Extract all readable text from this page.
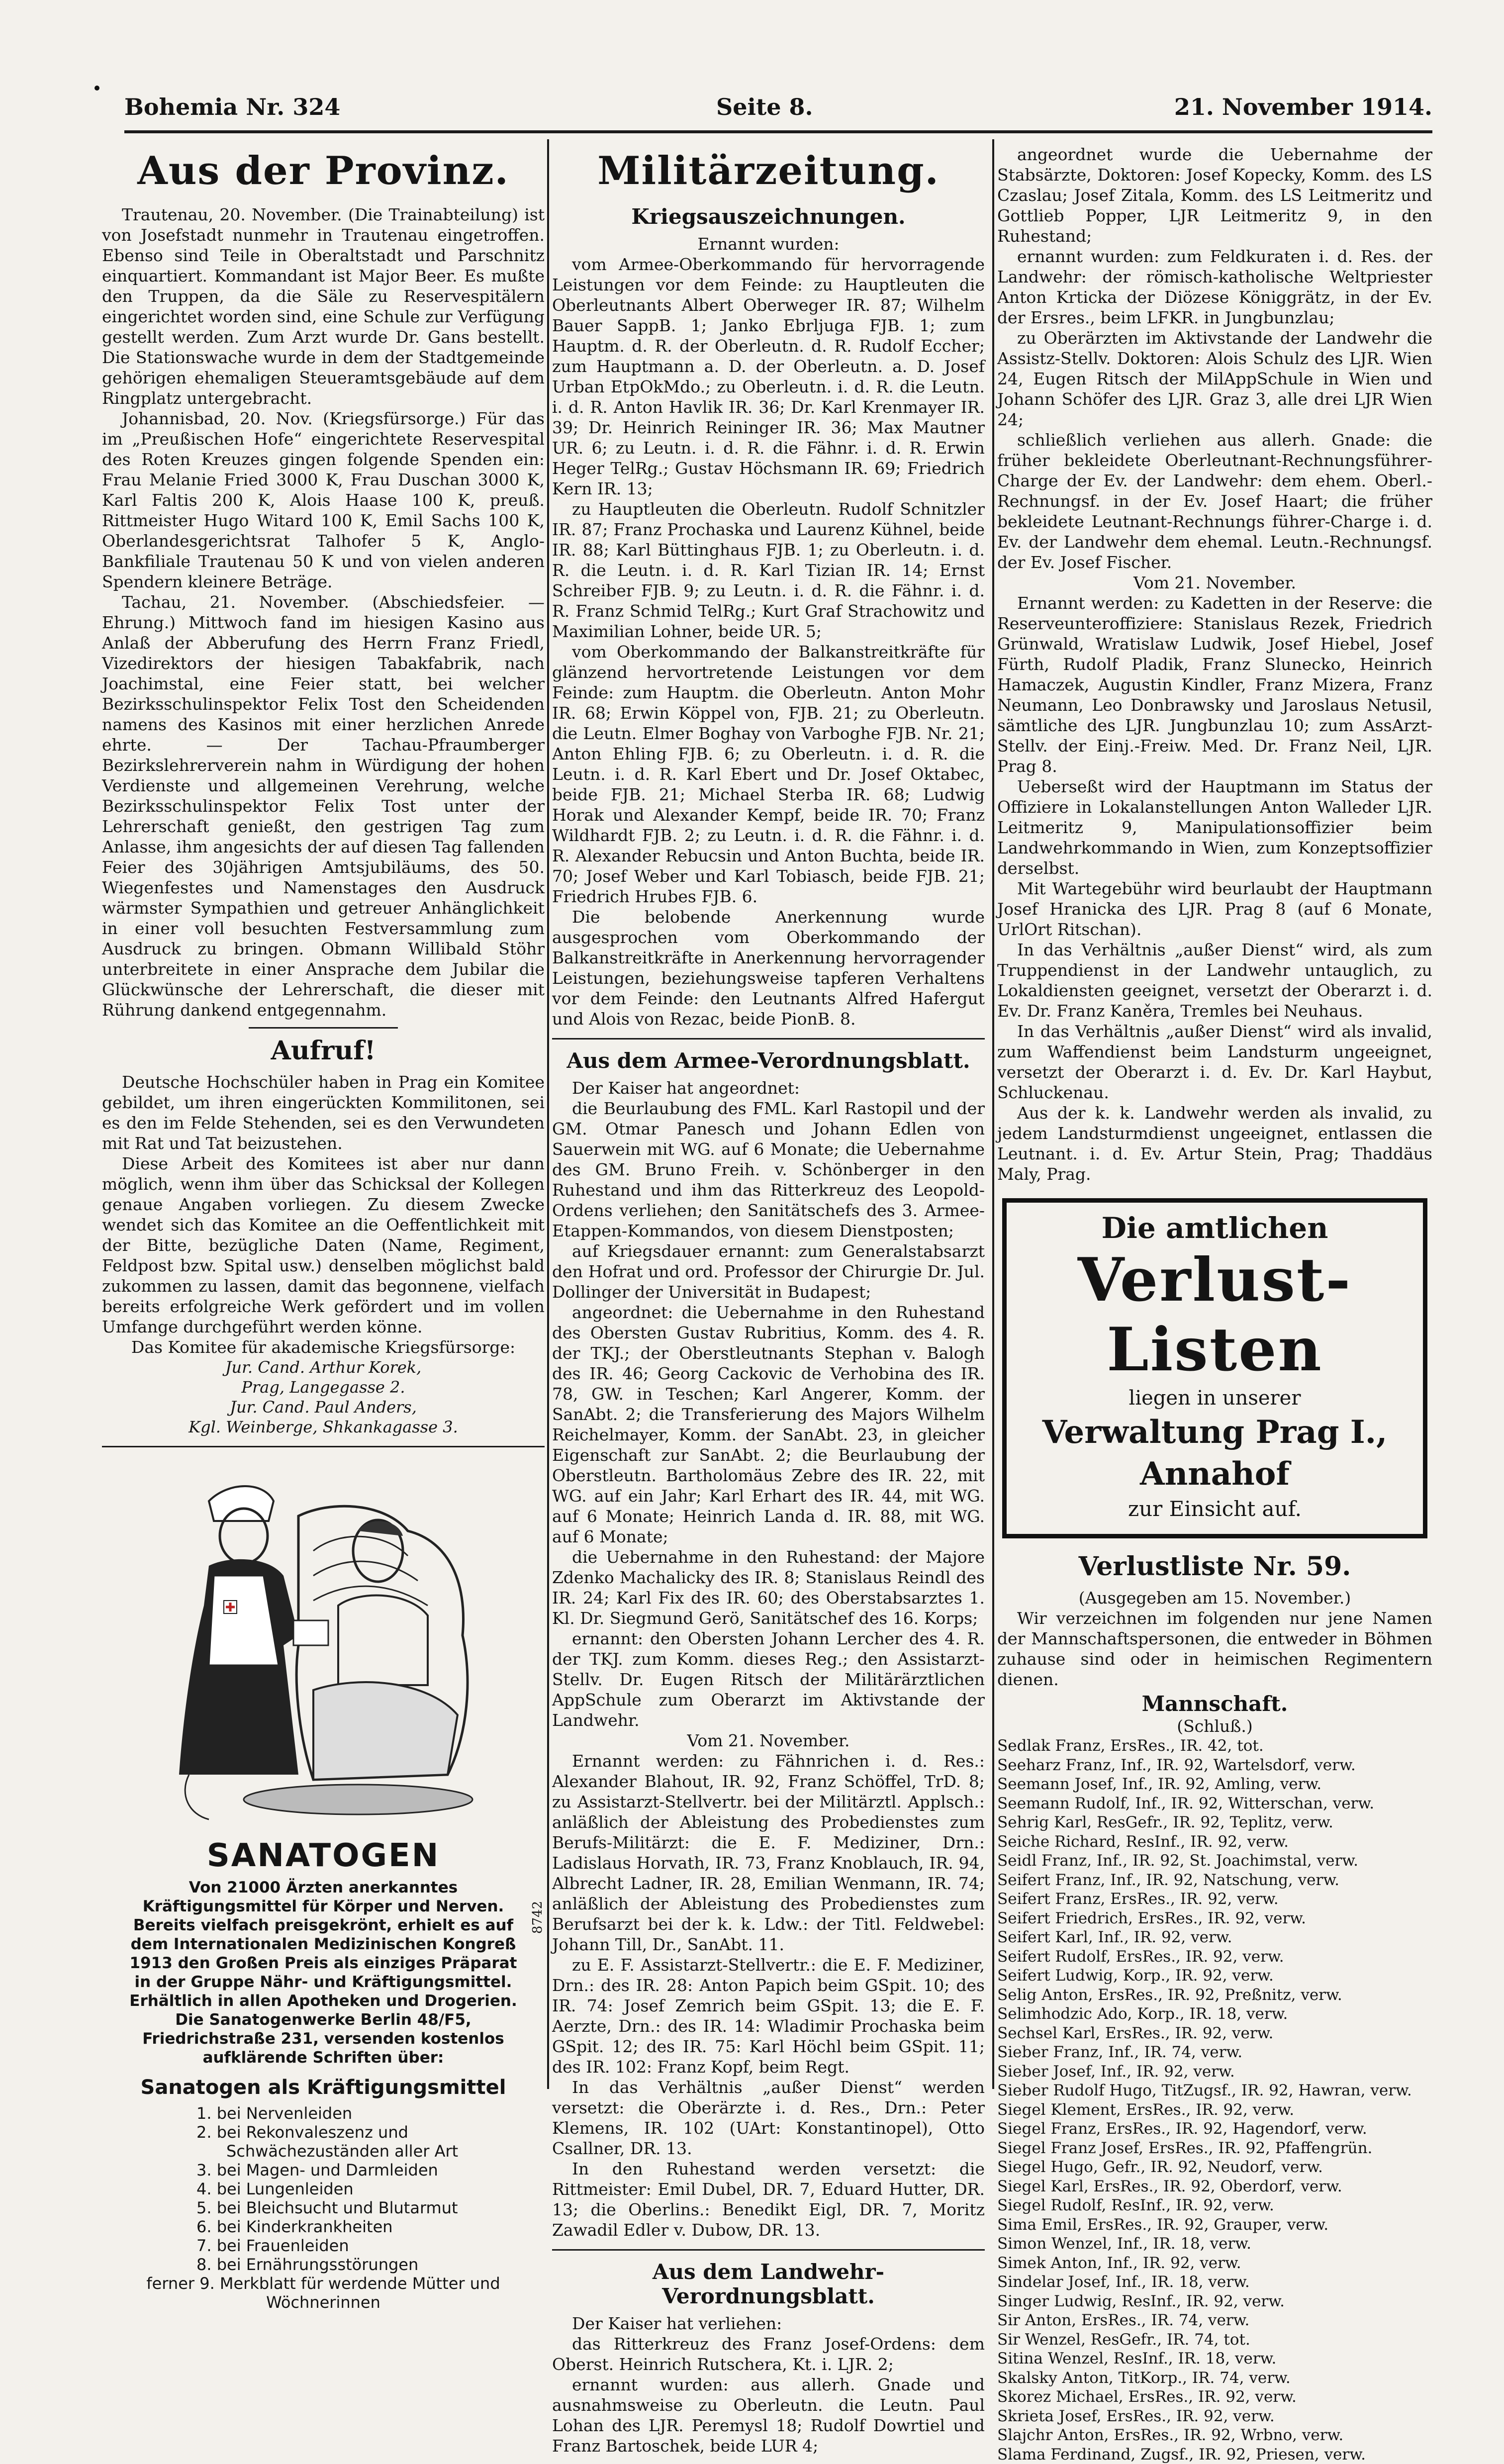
Bohemia Nr. 324	Seite 8.	21. November 1914.
Aus der Provinz.

Trautenau, 20. November. (Die Trainabteilung) ist von Josefstadt nunmehr in Trautenau eingetroffen. Ebenso sind Teile in Oberaltstadt und Parschnitz einquartiert. Kommandant ist Major Beer. Es mußte den Truppen, da die Säle zu Reservespitälern eingerichtet worden sind, eine Schule zur Verfügung gestellt werden. Zum Arzt wurde Dr. Gans bestellt. Die Stationswache wurde in dem der Stadtgemeinde gehörigen ehemaligen Steueramtsgebäude auf dem Ringplatz untergebracht.

Johannisbad, 20. Nov. (Kriegsfürsorge.) Für das im „Preußischen Hofe“ eingerichtete Reservespital des Roten Kreuzes gingen folgende Spenden ein: Frau Melanie Fried 3000 K, Frau Duschan 3000 K, Karl Faltis 200 K, Alois Haase 100 K, preuß. Rittmeister Hugo Witard 100 K, Emil Sachs 100 K, Oberlandesgerichtsrat Talhofer 5 K, Anglo-Bankfiliale Trautenau 50 K und von vielen anderen Spendern kleinere Beträge.

Tachau, 21. November. (Abschiedsfeier. — Ehrung.) Mittwoch fand im hiesigen Kasino aus Anlaß der Abberufung des Herrn Franz Friedl, Vizedirektors der hiesigen Tabakfabrik, nach Joachimstal, eine Feier statt, bei welcher Bezirksschulinspektor Felix Tost den Scheidenden namens des Kasinos mit einer herzlichen Anrede ehrte. — Der Tachau-Pfraumberger Bezirkslehrerverein nahm in Würdigung der hohen Verdienste und allgemeinen Verehrung, welche Bezirksschulinspektor Felix Tost unter der Lehrerschaft genießt, den gestrigen Tag zum Anlasse, ihm angesichts der auf diesen Tag fallenden Feier des 30jährigen Amtsjubiläums, des 50. Wiegenfestes und Namenstages den Ausdruck wärmster Sympathien und getreuer Anhänglichkeit in einer voll besuchten Festversammlung zum Ausdruck zu bringen. Obmann Willibald Stöhr unterbreitete in einer Ansprache dem Jubilar die Glückwünsche der Lehrerschaft, die dieser mit Rührung dankend entgegennahm.

Aufruf!

Deutsche Hochschüler haben in Prag ein Komitee gebildet, um ihren eingerückten Kommilitonen, sei es den im Felde Stehenden, sei es den Verwundeten mit Rat und Tat beizustehen.

Diese Arbeit des Komitees ist aber nur dann möglich, wenn ihm über das Schicksal der Kollegen genaue Angaben vorliegen. Zu diesem Zwecke wendet sich das Komitee an die Oeffentlichkeit mit der Bitte, bezügliche Daten (Name, Regiment, Feldpost bzw. Spital usw.) denselben möglichst bald zukommen zu lassen, damit das begonnene, vielfach bereits erfolgreiche Werk gefördert und im vollen Umfange durchgeführt werden könne.

Das Komitee für akademische Kriegsfürsorge:

Jur. Cand. Arthur Korek,
Prag, Langegasse 2.
Jur. Cand. Paul Anders,
Kgl. Weinberge, Shkankagasse 3.
SANATOGEN
Von 21000 Ärzten anerkanntes Kräftigungsmittel für Körper und Nerven. Bereits vielfach preisgekrönt, erhielt es auf dem Internationalen Medizinischen Kongreß 1913 den Großen Preis als einziges Präparat in der Gruppe Nähr- und Kräftigungsmittel. Erhältlich in allen Apotheken und Drogerien. Die Sanatogenwerke Berlin 48/F5, Friedrichstraße 231, versenden kostenlos aufklärende Schriften über:
Sanatogen als Kräftigungsmittel
1. bei Nervenleiden
2. bei Rekonvaleszenz und
Schwächezuständen aller Art
3. bei Magen- und Darmleiden
4. bei Lungenleiden
5. bei Bleichsucht und Blutarmut
6. bei Kinderkrankheiten
7. bei Frauenleiden
8. bei Ernährungsstörungen
ferner 9. Merkblatt für werdende Mütter und Wöchnerinnen
8742
Militärzeitung.
Kriegsauszeichnungen.

Ernannt wurden:

vom Armee-Oberkommando für hervorragende Leistungen vor dem Feinde: zu Hauptleuten die Oberleutnants Albert Oberweger IR. 87; Wilhelm Bauer SappB. 1; Janko Ebrljuga FJB. 1; zum Hauptm. d. R. der Oberleutn. d. R. Rudolf Eccher; zum Hauptmann a. D. der Oberleutn. a. D. Josef Urban EtpOkMdo.; zu Oberleutn. i. d. R. die Leutn. i. d. R. Anton Havlik IR. 36; Dr. Karl Krenmayer IR. 39; Dr. Heinrich Reininger IR. 36; Max Mautner UR. 6; zu Leutn. i. d. R. die Fähnr. i. d. R. Erwin Heger TelRg.; Gustav Höchsmann IR. 69; Friedrich Kern IR. 13;

zu Hauptleuten die Oberleutn. Rudolf Schnitzler IR. 87; Franz Prochaska und Laurenz Kühnel, beide IR. 88; Karl Büttinghaus FJB. 1; zu Oberleutn. i. d. R. die Leutn. i. d. R. Karl Tizian IR. 14; Ernst Schreiber FJB. 9; zu Leutn. i. d. R. die Fähnr. i. d. R. Franz Schmid TelRg.; Kurt Graf Strachowitz und Maximilian Lohner, beide UR. 5;

vom Oberkommando der Balkanstreitkräfte für glänzend hervortretende Leistungen vor dem Feinde: zum Hauptm. die Oberleutn. Anton Mohr IR. 68; Erwin Köppel von, FJB. 21; zu Oberleutn. die Leutn. Elmer Boghay von Varboghe FJB. Nr. 21; Anton Ehling FJB. 6; zu Oberleutn. i. d. R. die Leutn. i. d. R. Karl Ebert und Dr. Josef Oktabec, beide FJB. 21; Michael Sterba IR. 68; Ludwig Horak und Alexander Kempf, beide IR. 70; Franz Wildhardt FJB. 2; zu Leutn. i. d. R. die Fähnr. i. d. R. Alexander Rebucsin und Anton Buchta, beide IR. 70; Josef Weber und Karl Tobiasch, beide FJB. 21; Friedrich Hrubes FJB. 6.

Die belobende Anerkennung wurde ausgesprochen vom Oberkommando der Balkanstreitkräfte in Anerkennung hervorragender Leistungen, beziehungsweise tapferen Verhaltens vor dem Feinde: den Leutnants Alfred Hafergut und Alois von Rezac, beide PionB. 8.

Aus dem Armee-Verordnungsblatt.

Der Kaiser hat angeordnet:

die Beurlaubung des FML. Karl Rastopil und der GM. Otmar Panesch und Johann Edlen von Sauerwein mit WG. auf 6 Monate; die Uebernahme des GM. Bruno Freih. v. Schönberger in den Ruhestand und ihm das Ritterkreuz des Leopold-Ordens verliehen; den Sanitätschefs des 3. Armee-Etappen-Kommandos, von diesem Dienstposten;

auf Kriegsdauer ernannt: zum Generalstabsarzt den Hofrat und ord. Professor der Chirurgie Dr. Jul. Dollinger der Universität in Budapest;

angeordnet: die Uebernahme in den Ruhestand des Obersten Gustav Rubritius, Komm. des 4. R. der TKJ.; der Oberstleutnants Stephan v. Balogh des IR. 46; Georg Cackovic de Verhobina des IR. 78, GW. in Teschen; Karl Angerer, Komm. der SanAbt. 2; die Transferierung des Majors Wilhelm Reichelmayer, Komm. der SanAbt. 23, in gleicher Eigenschaft zur SanAbt. 2; die Beurlaubung der Oberstleutn. Bartholomäus Zebre des IR. 22, mit WG. auf ein Jahr; Karl Erhart des IR. 44, mit WG. auf 6 Monate; Heinrich Landa d. IR. 88, mit WG. auf 6 Monate;

die Uebernahme in den Ruhestand: der Majore Zdenko Machalicky des IR. 8; Stanislaus Reindl des IR. 24; Karl Fix des IR. 60; des Oberstabsarztes 1. Kl. Dr. Siegmund Gerö, Sanitätschef des 16. Korps;

ernannt: den Obersten Johann Lercher des 4. R. der TKJ. zum Komm. dieses Reg.; den Assistarzt-Stellv. Dr. Eugen Ritsch der Militärärztlichen AppSchule zum Oberarzt im Aktivstande der Landwehr.

Vom 21. November.

Ernannt werden: zu Fähnrichen i. d. Res.: Alexander Blahout, IR. 92, Franz Schöffel, TrD. 8; zu Assistarzt-Stellvertr. bei der Militärztl. Applsch.: anläßlich der Ableistung des Probedienstes zum Berufs-Militärzt: die E. F. Mediziner, Drn.: Ladislaus Horvath, IR. 73, Franz Knoblauch, IR. 94, Albrecht Ladner, IR. 28, Emilian Wenmann, IR. 74; anläßlich der Ableistung des Probedienstes zum Berufsarzt bei der k. k. Ldw.: der Titl. Feldwebel: Johann Till, Dr., SanAbt. 11.

zu E. F. Assistarzt-Stellvertr.: die E. F. Mediziner, Drn.: des IR. 28: Anton Papich beim GSpit. 10; des IR. 74: Josef Zemrich beim GSpit. 13; die E. F. Aerzte, Drn.: des IR. 14: Wladimir Prochaska beim GSpit. 12; des IR. 75: Karl Höchl beim GSpit. 11; des IR. 102: Franz Kopf, beim Regt.

In das Verhältnis „außer Dienst“ werden versetzt: die Oberärzte i. d. Res., Drn.: Peter Klemens, IR. 102 (UArt: Konstantinopel), Otto Csallner, DR. 13.

In den Ruhestand werden versetzt: die Rittmeister: Emil Dubel, DR. 7, Eduard Hutter, DR. 13; die Oberlins.: Benedikt Eigl, DR. 7, Moritz Zawadil Edler v. Dubow, DR. 13.

Aus dem Landwehr-Verordnungsblatt.

Der Kaiser hat verliehen:

das Ritterkreuz des Franz Josef-Ordens: dem Oberst. Heinrich Rutschera, Kt. i. LJR. 2;

ernannt wurden: aus allerh. Gnade und ausnahmsweise zu Oberleutn. die Leutn. Paul Lohan des LJR. Peremysl 18; Rudolf Dowrtiel und Franz Bartoschek, beide LUR 4;

angeordnet wurde die Uebernahme der Stabsärzte, Doktoren: Josef Kopecky, Komm. des LS Czaslau; Josef Zitala, Komm. des LS Leitmeritz und Gottlieb Popper, LJR Leitmeritz 9, in den Ruhestand;

ernannt wurden: zum Feldkuraten i. d. Res. der Landwehr: der römisch-katholische Weltpriester Anton Krticka der Diözese Königgrätz, in der Ev. der Ersres., beim LFKR. in Jungbunzlau;

zu Oberärzten im Aktivstande der Landwehr die Assistz-Stellv. Doktoren: Alois Schulz des LJR. Wien 24, Eugen Ritsch der MilAppSchule in Wien und Johann Schöfer des LJR. Graz 3, alle drei LJR Wien 24;

schließlich verliehen aus allerh. Gnade: die früher bekleidete Oberleutnant-Rechnungsführer-Charge der Ev. der Landwehr: dem ehem. Oberl.-Rechnungsf. in der Ev. Josef Haart; die früher bekleidete Leutnant-Rechnungs führer-Charge i. d. Ev. der Landwehr dem ehemal. Leutn.-Rechnungsf. der Ev. Josef Fischer.

Vom 21. November.

Ernannt werden: zu Kadetten in der Reserve: die Reserveunteroffiziere: Stanislaus Rezek, Friedrich Grünwald, Wratislaw Ludwik, Josef Hiebel, Josef Fürth, Rudolf Pladik, Franz Slunecko, Heinrich Hamaczek, Augustin Kindler, Franz Mizera, Franz Neumann, Leo Donbrawsky und Jaroslaus Netusil, sämtliche des LJR. Jungbunzlau 10; zum AssArzt-Stellv. der Einj.-Freiw. Med. Dr. Franz Neil, LJR. Prag 8.

Ueberseßt wird der Hauptmann im Status der Offiziere in Lokalanstellungen Anton Walleder LJR. Leitmeritz 9, Manipulationsoffizier beim Landwehrkommando in Wien, zum Konzeptsoffizier derselbst.

Mit Wartegebühr wird beurlaubt der Hauptmann Josef Hranicka des LJR. Prag 8 (auf 6 Monate, UrlOrt Ritschan).

In das Verhältnis „außer Dienst“ wird, als zum Truppendienst in der Landwehr untauglich, zu Lokaldiensten geeignet, versetzt der Oberarzt i. d. Ev. Dr. Franz Kaněra, Tremles bei Neuhaus.

In das Verhältnis „außer Dienst“ wird als invalid, zum Waffendienst beim Landsturm ungeeignet, versetzt der Oberarzt i. d. Ev. Dr. Karl Haybut, Schluckenau.

Aus der k. k. Landwehr werden als invalid, zu jedem Landsturmdienst ungeeignet, entlassen die Leutnant. i. d. Ev. Artur Stein, Prag; Thaddäus Maly, Prag.

Die amtlichen
Verlust-Listen
liegen in unserer
Verwaltung Prag I., Annahof
zur Einsicht auf.
Verlustliste Nr. 59.

(Ausgegeben am 15. November.)

Wir verzeichnen im folgenden nur jene Namen der Mannschaftspersonen, die entweder in Böhmen zuhause sind oder in heimischen Regimentern dienen.

Mannschaft.

(Schluß.)

Sedlak Franz, ErsRes., IR. 42, tot.
Seeharz Franz, Inf., IR. 92, Wartelsdorf, verw.
Seemann Josef, Inf., IR. 92, Amling, verw.
Seemann Rudolf, Inf., IR. 92, Witterschan, verw.
Sehrig Karl, ResGefr., IR. 92, Teplitz, verw.
Seiche Richard, ResInf., IR. 92, verw.
Seidl Franz, Inf., IR. 92, St. Joachimstal, verw.
Seifert Franz, Inf., IR. 92, Natschung, verw.
Seifert Franz, ErsRes., IR. 92, verw.
Seifert Friedrich, ErsRes., IR. 92, verw.
Seifert Karl, Inf., IR. 92, verw.
Seifert Rudolf, ErsRes., IR. 92, verw.
Seifert Ludwig, Korp., IR. 92, verw.
Selig Anton, ErsRes., IR. 92, Preßnitz, verw.
Selimhodzic Ado, Korp., IR. 18, verw.
Sechsel Karl, ErsRes., IR. 92, verw.
Sieber Franz, Inf., IR. 74, verw.
Sieber Josef, Inf., IR. 92, verw.
Sieber Rudolf Hugo, TitZugsf., IR. 92, Hawran, verw.
Siegel Klement, ErsRes., IR. 92, verw.
Siegel Franz, ErsRes., IR. 92, Hagendorf, verw.
Siegel Franz Josef, ErsRes., IR. 92, Pfaffengrün.
Siegel Hugo, Gefr., IR. 92, Neudorf, verw.
Siegel Karl, ErsRes., IR. 92, Oberdorf, verw.
Siegel Rudolf, ResInf., IR. 92, verw.
Sima Emil, ErsRes., IR. 92, Grauper, verw.
Simon Wenzel, Inf., IR. 18, verw.
Simek Anton, Inf., IR. 92, verw.
Sindelar Josef, Inf., IR. 18, verw.
Singer Ludwig, ResInf., IR. 92, verw.
Sir Anton, ErsRes., IR. 74, verw.
Sir Wenzel, ResGefr., IR. 74, tot.
Sitina Wenzel, ResInf., IR. 18, verw.
Skalsky Anton, TitKorp., IR. 74, verw.
Skorez Michael, ErsRes., IR. 92, verw.
Skrieta Josef, ErsRes., IR. 92, verw.
Slajchr Anton, ErsRes., IR. 92, Wrbno, verw.
Slama Ferdinand, Zugsf., IR. 92, Priesen, verw.
